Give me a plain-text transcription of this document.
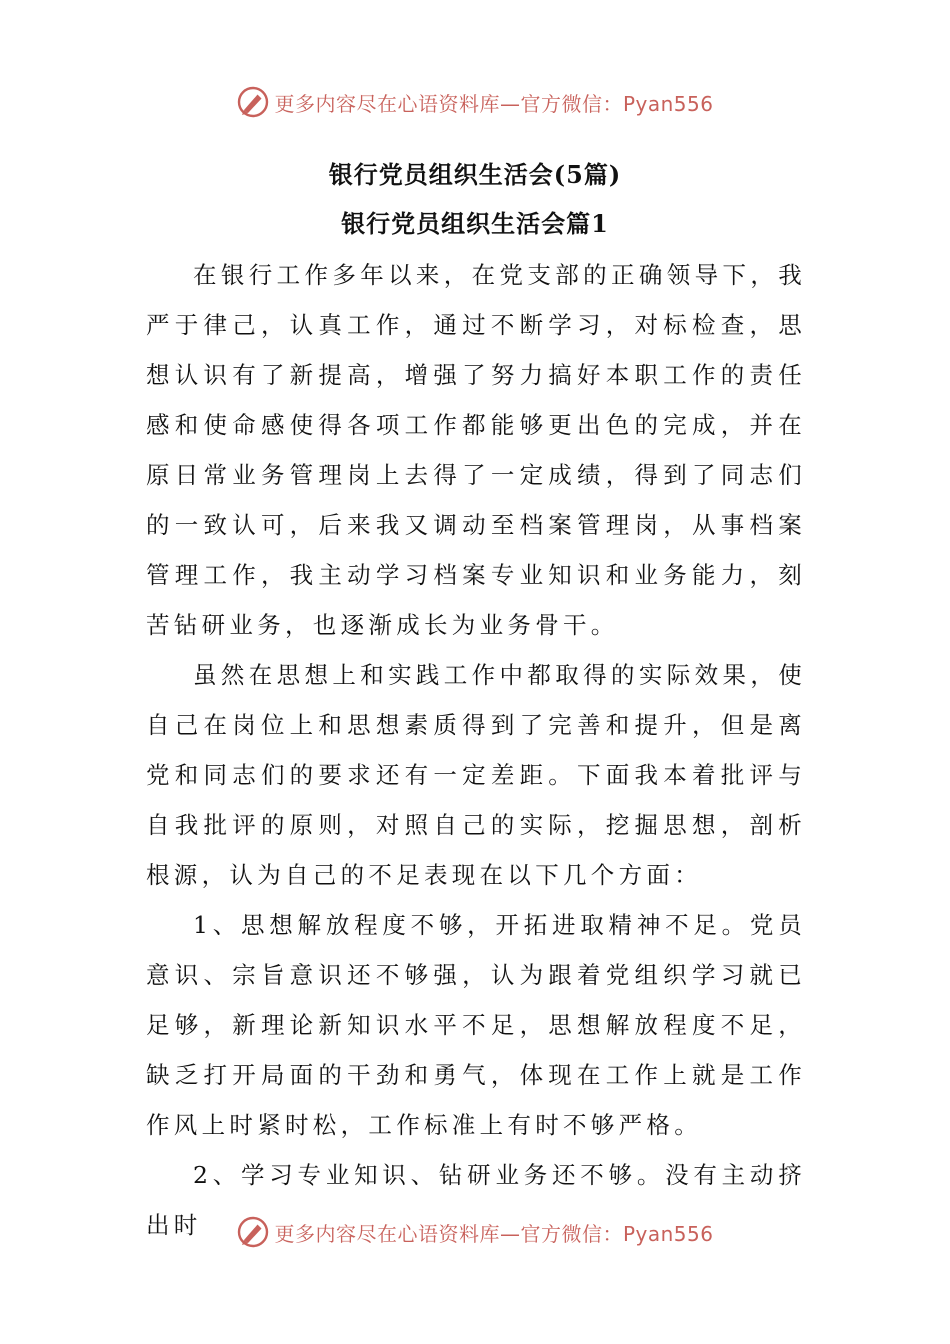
更多内容尽在心语资料库—官方微信：Pyan556
银行党员组织生活会(5篇)
银行党员组织生活会篇1

在银行工作多年以来，在党支部的正确领导下，我严于律己，认真工作，通过不断学习，对标检查，思想认识有了新提高，增强了努力搞好本职工作的责任感和使命感使得各项工作都能够更出色的完成，并在原日常业务管理岗上去得了一定成绩，得到了同志们的一致认可，后来我又调动至档案管理岗，从事档案管理工作，我主动学习档案专业知识和业务能力，刻苦钻研业务，也逐渐成长为业务骨干。

虽然在思想上和实践工作中都取得的实际效果，使自己在岗位上和思想素质得到了完善和提升，但是离党和同志们的要求还有一定差距。下面我本着批评与自我批评的原则，对照自己的实际，挖掘思想，剖析根源，认为自己的不足表现在以下几个方面：

1、思想解放程度不够，开拓进取精神不足。党员意识、宗旨意识还不够强，认为跟着党组织学习就已足够，新理论新知识水平不足，思想解放程度不足，缺乏打开局面的干劲和勇气，体现在工作上就是工作作风上时紧时松，工作标准上有时不够严格。

2、学习专业知识、钻研业务还不够。没有主动挤出时	更多内容尽在心语资料库—官方微信：Pyan556
